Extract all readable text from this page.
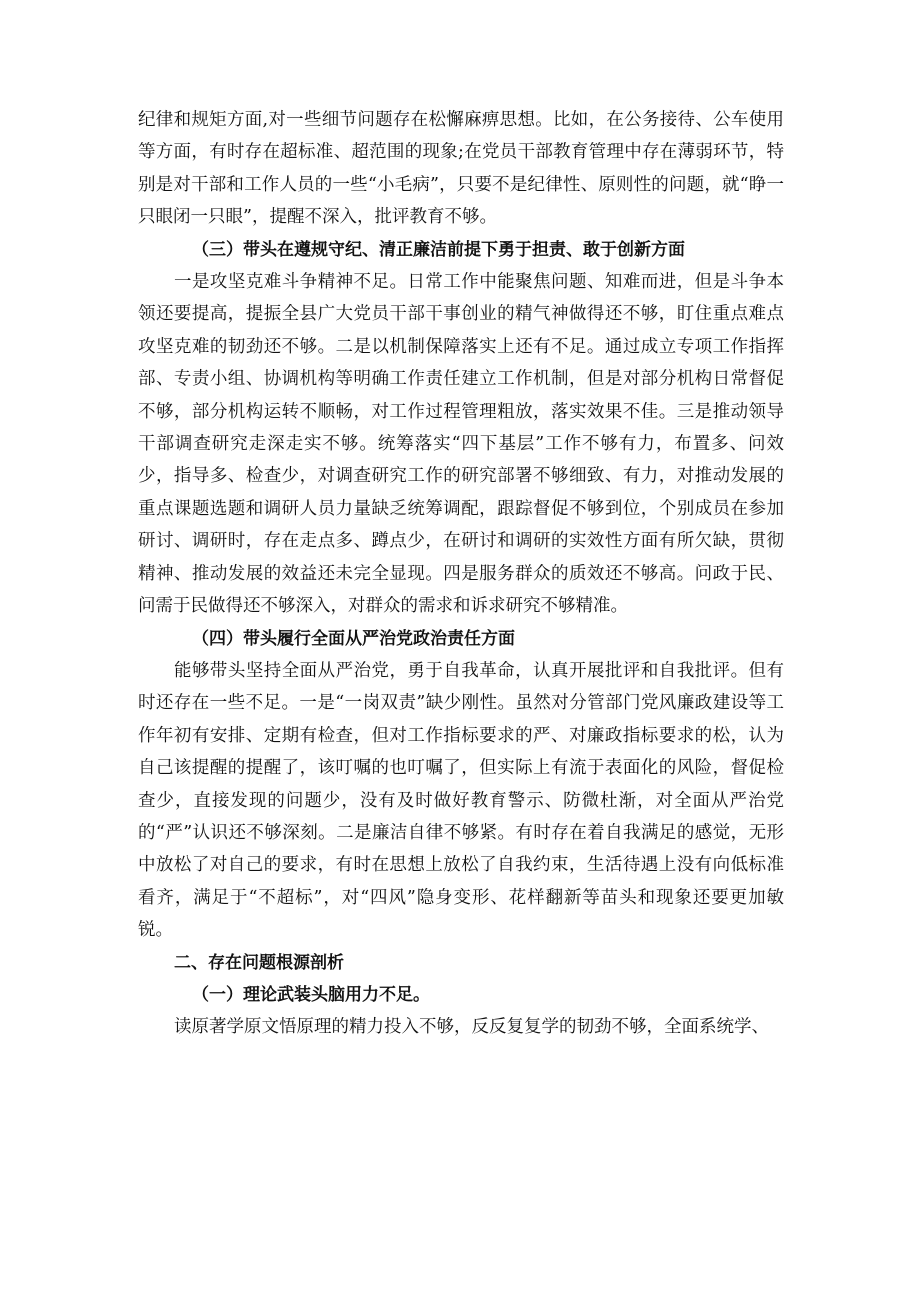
纪律和规矩方面,对一些细节问题存在松懈麻痹思想。比如，在公务接待、公车使用等方面，有时存在超标准、超范围的现象;在党员干部教育管理中存在薄弱环节，特别是对干部和工作人员的一些“小毛病”，只要不是纪律性、原则性的问题，就“睁一只眼闭一只眼”，提醒不深入，批评教育不够。

（三）带头在遵规守纪、清正廉洁前提下勇于担责、敢于创新方面

一是攻坚克难斗争精神不足。日常工作中能聚焦问题、知难而进，但是斗争本领还要提高，提振全县广大党员干部干事创业的精气神做得还不够，盯住重点难点攻坚克难的韧劲还不够。二是以机制保障落实上还有不足。通过成立专项工作指挥部、专责小组、协调机构等明确工作责任建立工作机制，但是对部分机构日常督促不够，部分机构运转不顺畅，对工作过程管理粗放，落实效果不佳。三是推动领导干部调查研究走深走实不够。统筹落实“四下基层”工作不够有力，布置多、问效少，指导多、检查少，对调查研究工作的研究部署不够细致、有力，对推动发展的重点课题选题和调研人员力量缺乏统筹调配，跟踪督促不够到位，个别成员在参加研讨、调研时，存在走点多、蹲点少，在研讨和调研的实效性方面有所欠缺，贯彻精神、推动发展的效益还未完全显现。四是服务群众的质效还不够高。问政于民、问需于民做得还不够深入，对群众的需求和诉求研究不够精准。

（四）带头履行全面从严治党政治责任方面

能够带头坚持全面从严治党，勇于自我革命，认真开展批评和自我批评。但有时还存在一些不足。一是“一岗双责”缺少刚性。虽然对分管部门党风廉政建设等工作年初有安排、定期有检查，但对工作指标要求的严、对廉政指标要求的松，认为自己该提醒的提醒了，该叮嘱的也叮嘱了，但实际上有流于表面化的风险，督促检查少，直接发现的问题少，没有及时做好教育警示、防微杜渐，对全面从严治党的“严”认识还不够深刻。二是廉洁自律不够紧。有时存在着自我满足的感觉，无形中放松了对自己的要求，有时在思想上放松了自我约束，生活待遇上没有向低标准看齐，满足于“不超标”，对“四风”隐身变形、花样翻新等苗头和现象还要更加敏锐。

二、存在问题根源剖析

（一）理论武装头脑用力不足。

读原著学原文悟原理的精力投入不够，反反复复学的韧劲不够，全面系统学、
